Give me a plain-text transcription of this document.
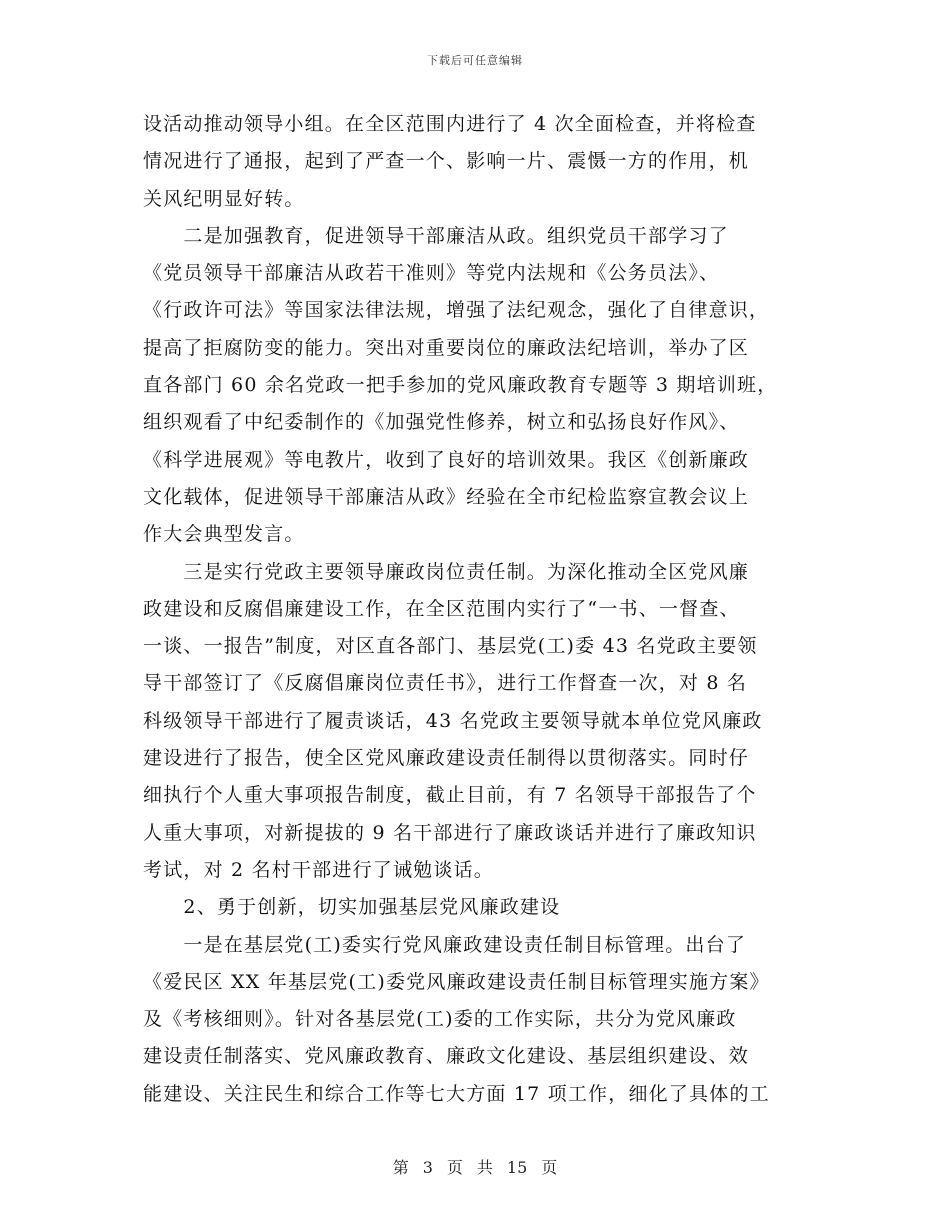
下载后可任意编辑

设活动推动领导小组。在全区范围内进行了 4 次全面检查，并将检查
情况进行了通报，起到了严查一个、影响一片、震慑一方的作用，机
关风纪明显好转。
　　二是加强教育，促进领导干部廉洁从政。组织党员干部学习了
《党员领导干部廉洁从政若干准则》等党内法规和《公务员法》、
《行政许可法》等国家法律法规，增强了法纪观念，强化了自律意识，
提高了拒腐防变的能力。突出对重要岗位的廉政法纪培训，举办了区
直各部门 60 余名党政一把手参加的党风廉政教育专题等 3 期培训班，
组织观看了中纪委制作的《加强党性修养，树立和弘扬良好作风》、
《科学进展观》等电教片，收到了良好的培训效果。我区《创新廉政
文化载体，促进领导干部廉洁从政》经验在全市纪检监察宣教会议上
作大会典型发言。
　　三是实行党政主要领导廉政岗位责任制。为深化推动全区党风廉
政建设和反腐倡廉建设工作，在全区范围内实行了“一书、一督查、
一谈、一报告”制度，对区直各部门、基层党(工)委 43 名党政主要领
导干部签订了《反腐倡廉岗位责任书》，进行工作督查一次，对 8 名
科级领导干部进行了履责谈话，43 名党政主要领导就本单位党风廉政
建设进行了报告，使全区党风廉政建设责任制得以贯彻落实。同时仔
细执行个人重大事项报告制度，截止目前，有 7 名领导干部报告了个
人重大事项，对新提拔的 9 名干部进行了廉政谈话并进行了廉政知识
考试，对 2 名村干部进行了诫勉谈话。
　　2、勇于创新，切实加强基层党风廉政建设
　　一是在基层党(工)委实行党风廉政建设责任制目标管理。出台了
《爱民区 XX 年基层党(工)委党风廉政建设责任制目标管理实施方案》
及《考核细则》。针对各基层党(工)委的工作实际，共分为党风廉政
建设责任制落实、党风廉政教育、廉政文化建设、基层组织建设、效
能建设、关注民生和综合工作等七大方面 17 项工作，细化了具体的工

第 3 页 共 15 页
